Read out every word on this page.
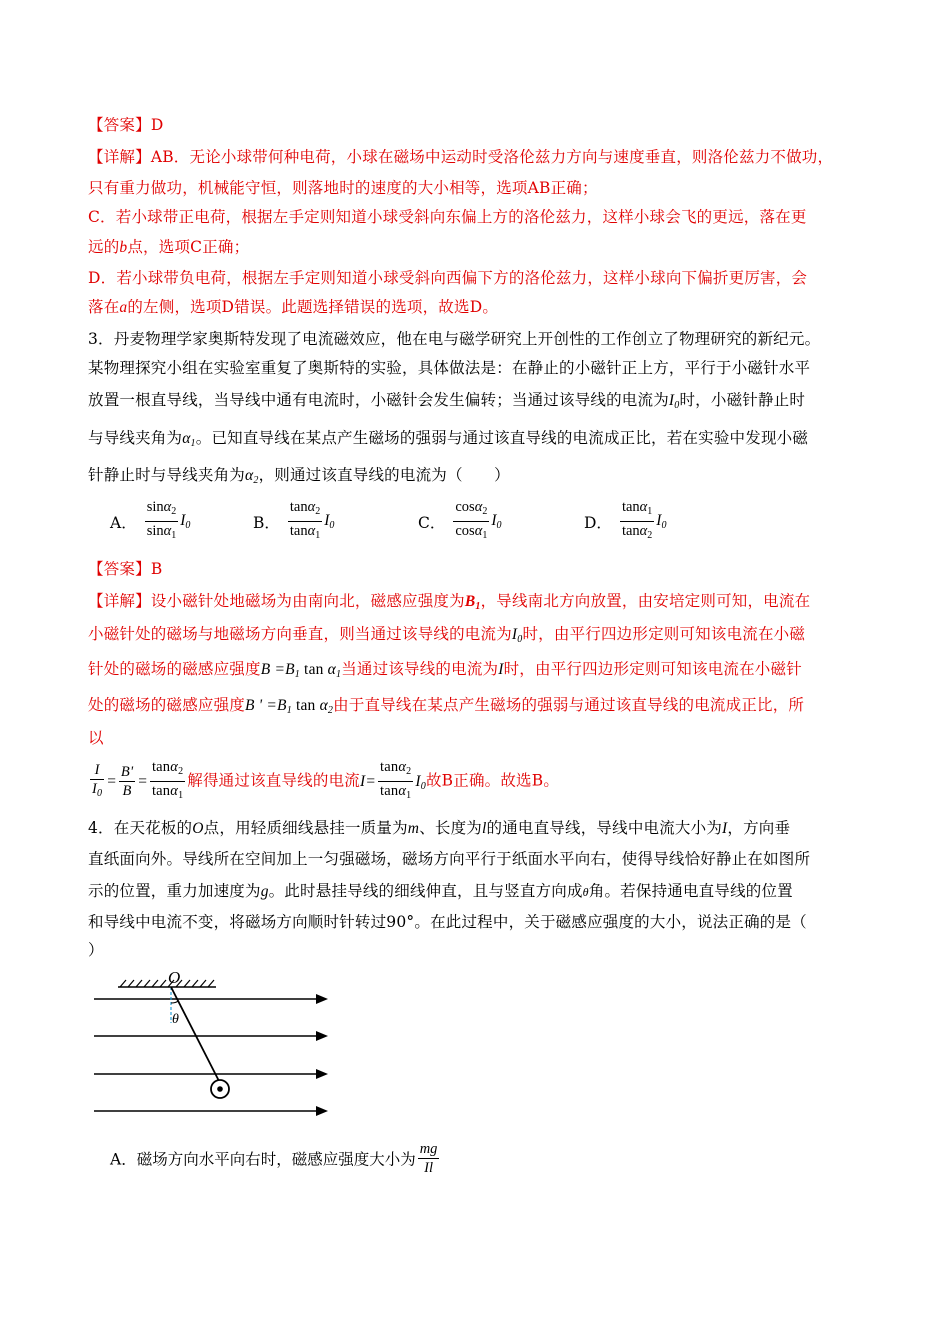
【答案】D
【详解】AB．无论小球带何种电荷，小球在磁场中运动时受洛伦兹力方向与速度垂直，则洛伦兹力不做功，
只有重力做功，机械能守恒，则落地时的速度的大小相等，选项AB正确；
C．若小球带正电荷，根据左手定则知道小球受斜向东偏上方的洛伦兹力，这样小球会飞的更远，落在更
远的b点，选项C正确；
D．若小球带负电荷，根据左手定则知道小球受斜向西偏下方的洛伦兹力，这样小球向下偏折更厉害，会
落在a的左侧，选项D错误。此题选择错误的选项，故选D。
3．丹麦物理学家奥斯特发现了电流磁效应，他在电与磁学研究上开创性的工作创立了物理研究的新纪元。
某物理探究小组在实验室重复了奥斯特的实验，具体做法是：在静止的小磁针正上方，平行于小磁针水平
放置一根直导线，当导线中通有电流时，小磁针会发生偏转；当通过该导线的电流为$I_0$时，小磁针静止时
与导线夹角为$\alpha_1$。已知直导线在某点产生磁场的强弱与通过该直导线的电流成正比，若在实验中发现小磁
针静止时与导线夹角为$\alpha_2$，则通过该直导线的电流为（　　）
A． $\frac{\sin\alpha_2}{\sin\alpha_1} I_0$	B． $\frac{\tan\alpha_2}{\tan\alpha_1} I_0$	C． $\frac{\cos\alpha_2}{\cos\alpha_1} I_0$	D． $\frac{\tan\alpha_1}{\tan\alpha_2} I_0$
【答案】B
【详解】设小磁针处地磁场为由南向北，磁感应强度为$B_1$，导线南北方向放置，由安培定则可知，电流在
小磁针处的磁场与地磁场方向垂直，则当通过该导线的电流为$I_0$时，由平行四边形定则可知该电流在小磁
针处的磁场的磁感应强度$B =B_1$ $\tan \alpha_1$当通过该导线的电流为I时，由平行四边形定则可知该电流在小磁针
处的磁场的磁感应强度B ' $=B_1$ $\tan \alpha_2$由于直导线在某点产生磁场的强弱与通过该直导线的电流成正比，所
以
$\frac{I}{I_0} = \frac{B'}{B} = \frac{\tan\alpha_2}{\tan\alpha_1}$ 解得通过该直导线的电流$I= \frac{\tan\alpha_2}{\tan\alpha_1} I_0$故B正确。故选B。
4．在天花板的O点，用轻质细线悬挂一质量为m、长度为l的通电直导线，导线中电流大小为I，方向垂
直纸面向外。导线所在空间加上一匀强磁场，磁场方向平行于纸面水平向右，使得导线恰好静止在如图所
示的位置，重力加速度为g。此时悬挂导线的细线伸直，且与竖直方向成θ角。若保持通电直导线的位置
和导线中电流不变，将磁场方向顺时针转过90°。在此过程中，关于磁感应强度的大小，说法正确的是（
）
O
θ
A．磁场方向水平向右时，磁感应强度大小为 $\frac{mg}{Il}$
